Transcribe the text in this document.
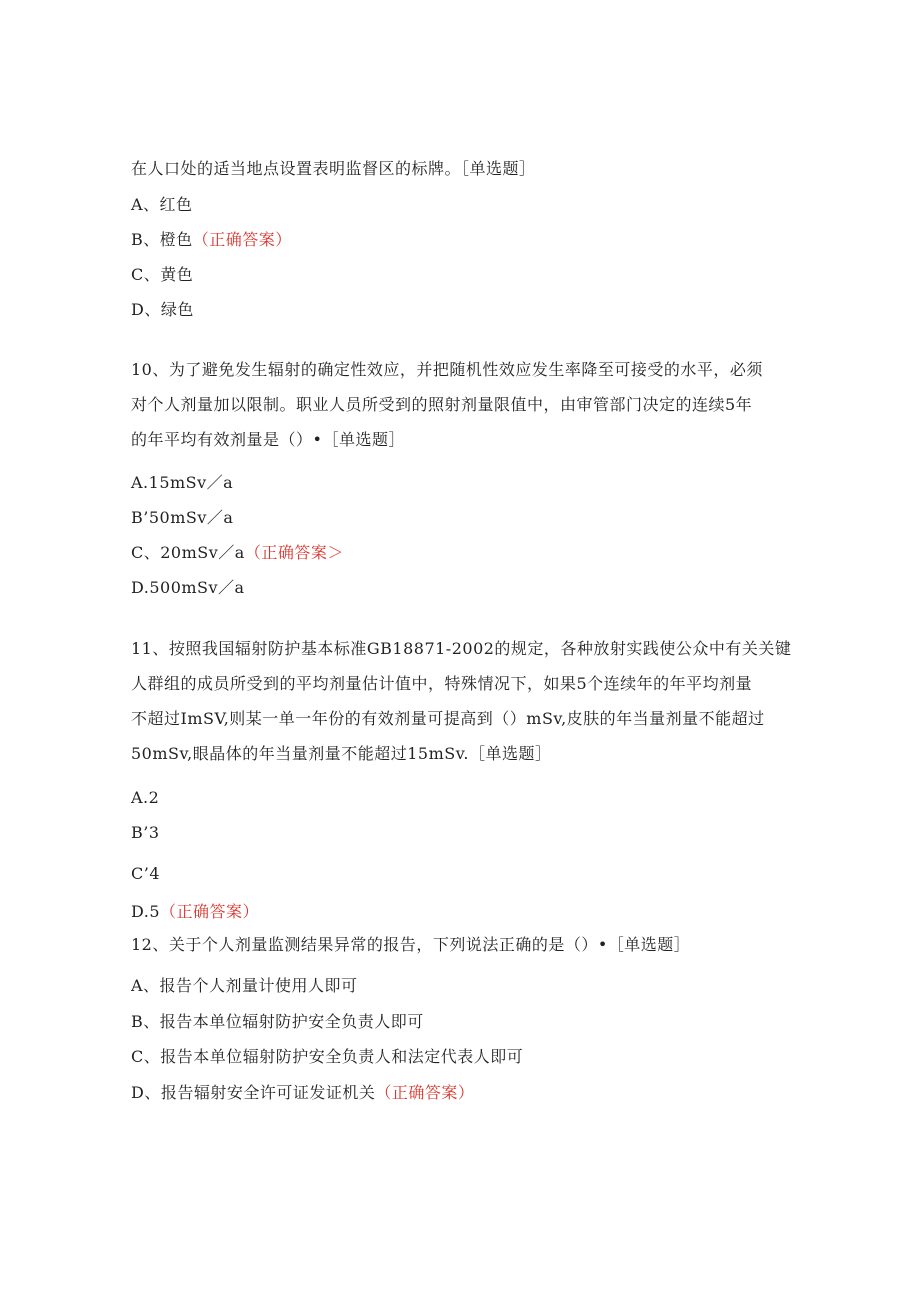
在人口处的适当地点设置表明监督区的标牌。［单选题］
A、红色
B、橙色（正确答案）
C、黄色
D、绿色
10、为了避免发生辐射的确定性效应，并把随机性效应发生率降至可接受的水平，必须
对个人剂量加以限制。职业人员所受到的照射剂量限值中，由审管部门决定的连续5年
的年平均有效剂量是（）•［单选题］
A.15mSv／a
B’50mSv／a
C、20mSv／a（正确答案＞
D.500mSv／a
11、按照我国辐射防护基本标准GB18871-2002的规定，各种放射实践使公众中有关关键
人群组的成员所受到的平均剂量估计值中，特殊情况下，如果5个连续年的年平均剂量
不超过ImSV,则某一单一年份的有效剂量可提高到（）mSv,皮肤的年当量剂量不能超过
50mSv,眼晶体的年当量剂量不能超过15mSv.［单选题］
A.2
B’3
C’4
D.5（正确答案）
12、关于个人剂量监测结果异常的报告，下列说法正确的是（）•［单选题］
A、报告个人剂量计使用人即可
B、报告本单位辐射防护安全负责人即可
C、报告本单位辐射防护安全负责人和法定代表人即可
D、报告辐射安全许可证发证机关（正确答案）
